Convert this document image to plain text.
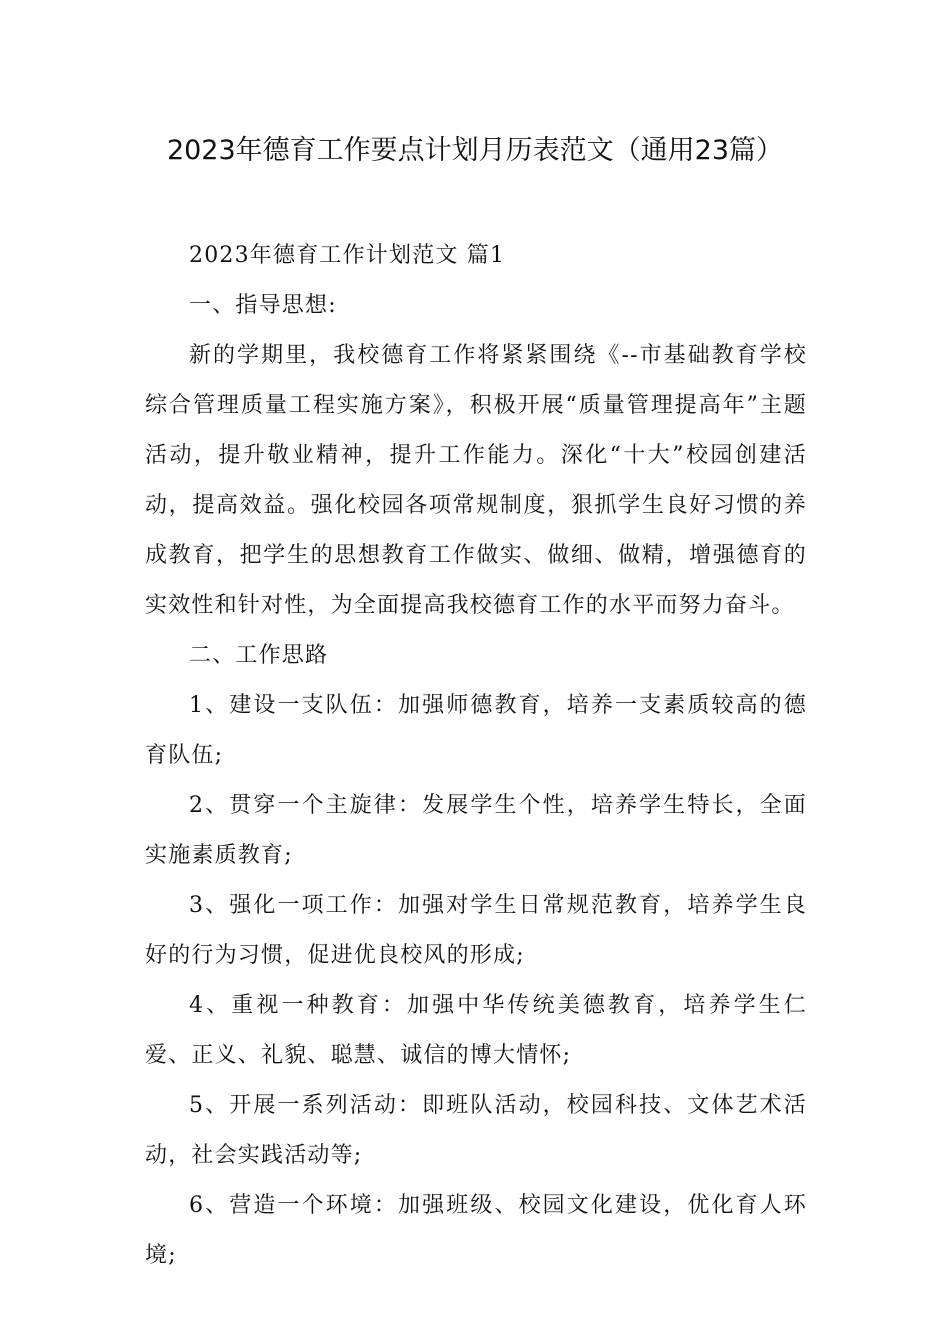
2023年德育工作要点计划月历表范文（通用23篇）

2023年德育工作计划范文 篇1

一、指导思想:

新的学期里，我校德育工作将紧紧围绕《--市基础教育学校综合管理质量工程实施方案》，积极开展“质量管理提高年”主题活动，提升敬业精神，提升工作能力。深化“十大”校园创建活动，提高效益。强化校园各项常规制度，狠抓学生良好习惯的养成教育，把学生的思想教育工作做实、做细、做精，增强德育的实效性和针对性，为全面提高我校德育工作的水平而努力奋斗。

二、工作思路

1、建设一支队伍：加强师德教育，培养一支素质较高的德育队伍;

2、贯穿一个主旋律：发展学生个性，培养学生特长，全面实施素质教育;

3、强化一项工作：加强对学生日常规范教育，培养学生良好的行为习惯，促进优良校风的形成;

4、重视一种教育：加强中华传统美德教育，培养学生仁爱、正义、礼貌、聪慧、诚信的博大情怀;

5、开展一系列活动：即班队活动，校园科技、文体艺术活动，社会实践活动等;

6、营造一个环境：加强班级、校园文化建设，优化育人环境;
